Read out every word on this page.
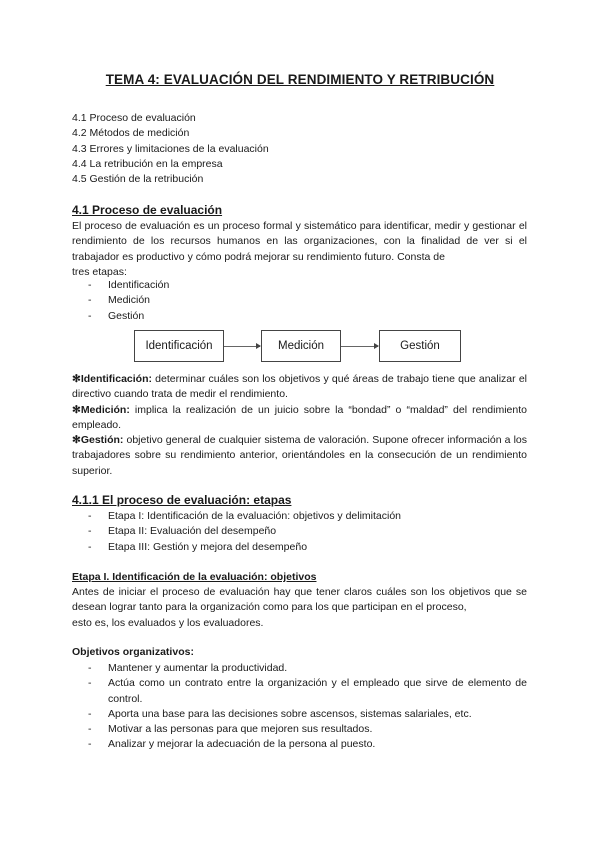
TEMA 4: EVALUACIÓN DEL RENDIMIENTO Y RETRIBUCIÓN
4.1 Proceso de evaluación
4.2 Métodos de medición
4.3 Errores y limitaciones de la evaluación
4.4 La retribución en la empresa
4.5 Gestión de la retribución
4.1 Proceso de evaluación
El proceso de evaluación es un proceso formal y sistemático para identificar, medir y gestionar el rendimiento de los recursos humanos en las organizaciones, con la finalidad de ver si el trabajador es productivo y cómo podrá mejorar su rendimiento futuro. Consta de
tres etapas:
- Identificación
- Medición
- Gestión
Identificación	Medición	Gestión
✻Identificación: determinar cuáles son los objetivos y qué áreas de trabajo tiene que analizar el directivo cuando trata de medir el rendimiento.
✻Medición: implica la realización de un juicio sobre la “bondad” o “maldad” del rendimiento empleado.
✻Gestión: objetivo general de cualquier sistema de valoración. Supone ofrecer información a los trabajadores sobre su rendimiento anterior, orientándoles en la consecución de un rendimiento superior.
4.1.1 El proceso de evaluación: etapas
- Etapa I: Identificación de la evaluación: objetivos y delimitación
- Etapa II: Evaluación del desempeño
- Etapa III: Gestión y mejora del desempeño
Etapa I. Identificación de la evaluación: objetivos
Antes de iniciar el proceso de evaluación hay que tener claros cuáles son los objetivos que se desean lograr tanto para la organización como para los que participan en el proceso,
esto es, los evaluados y los evaluadores.
Objetivos organizativos:
- Mantener y aumentar la productividad.
- Actúa como un contrato entre la organización y el empleado que sirve de elemento de control.
- Aporta una base para las decisiones sobre ascensos, sistemas salariales, etc.
- Motivar a las personas para que mejoren sus resultados.
- Analizar y mejorar la adecuación de la persona al puesto.
